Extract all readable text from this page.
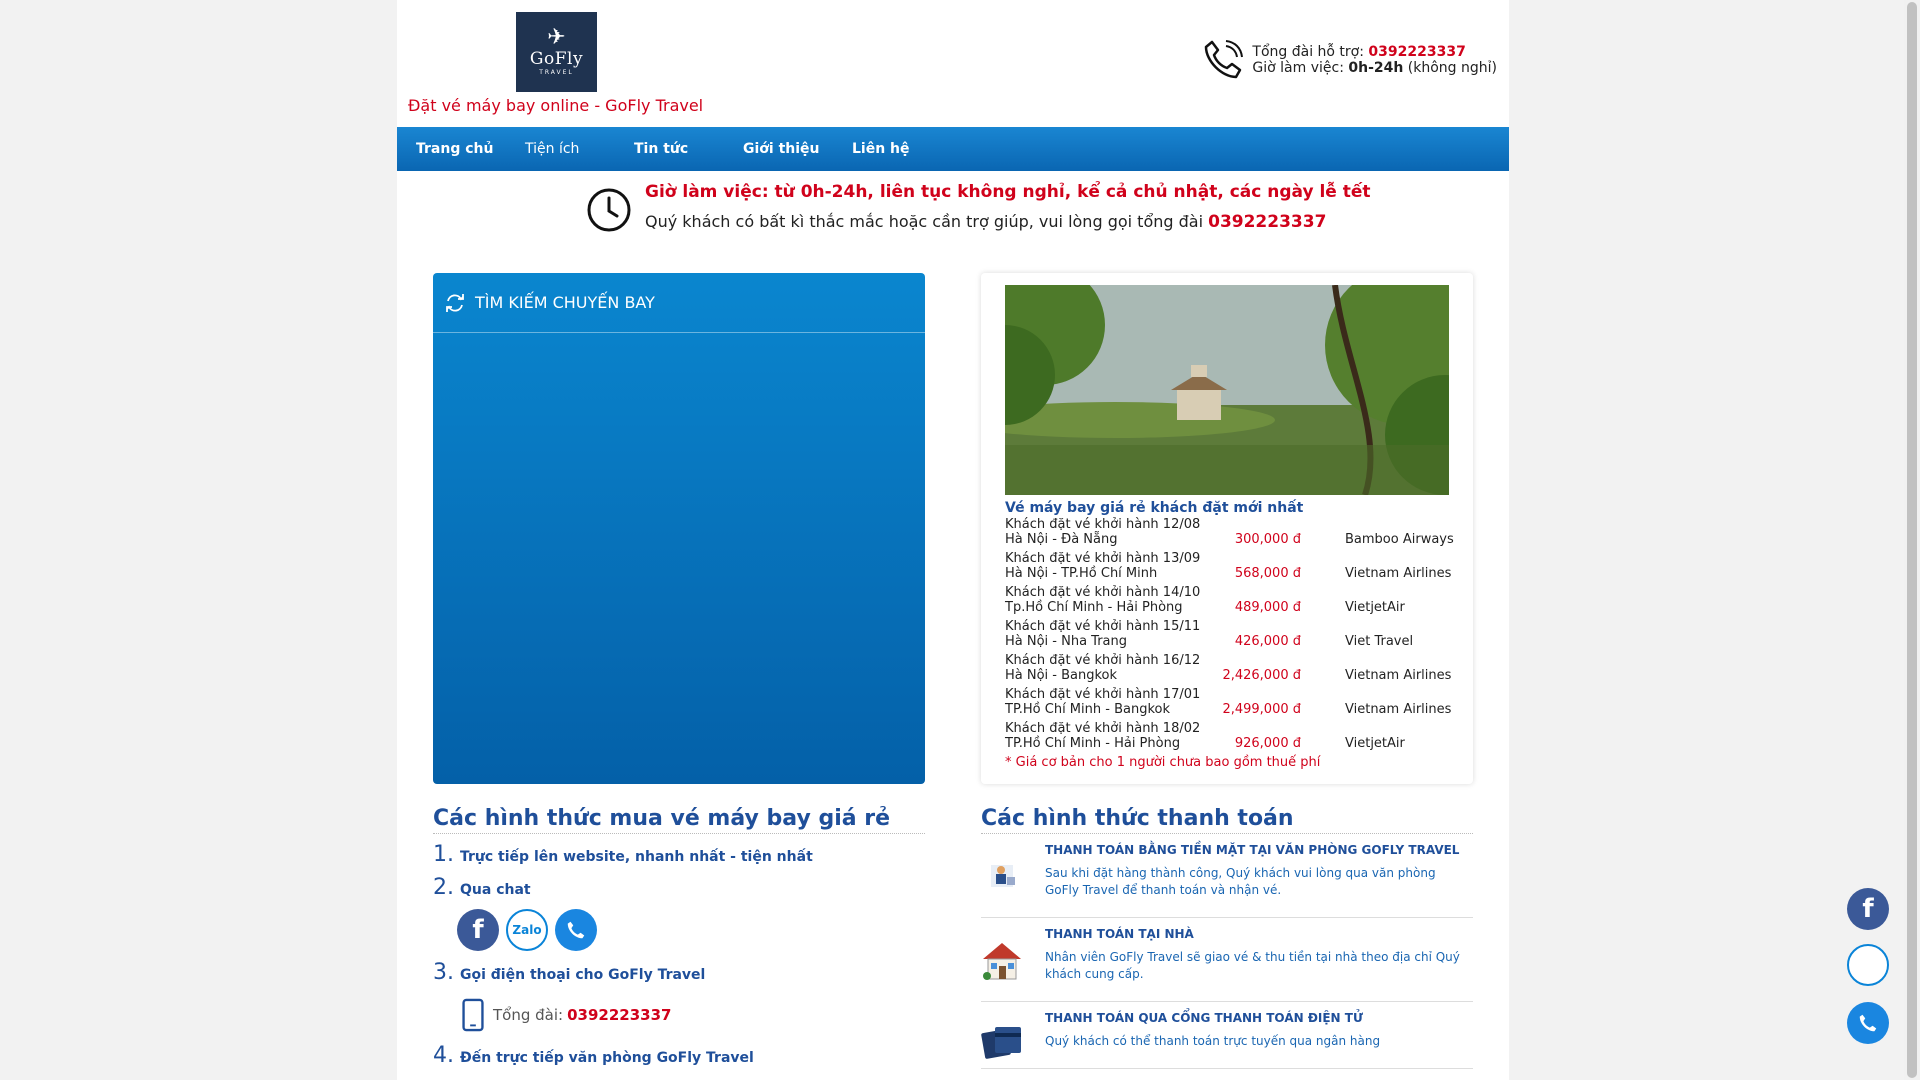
✈
GoFly
TRAVEL
Đặt vé máy bay online - GoFly Travel
Tổng đài hỗ trợ: 0392223337
Giờ làm việc: 0h-24h (không nghỉ)
Trang chủ Tiện ích	Tin tức	Giới thiệu Liên hệ
Giờ làm việc: từ 0h-24h, liên tục không nghỉ, kể cả chủ nhật, các ngày lễ tết
Quý khách có bất kì thắc mắc hoặc cần trợ giúp, vui lòng gọi tổng đài 0392223337
TÌM KIẾM CHUYẾN BAY
Vé máy bay giá rẻ khách đặt mới nhất
Khách đặt vé khởi hành 12/08
Hà Nội - Đà Nẵng	300,000 đ	Bamboo Airways
Khách đặt vé khởi hành 13/09
Hà Nội - TP.Hồ Chí Minh	568,000 đ	Vietnam Airlines
Khách đặt vé khởi hành 14/10
Tp.Hồ Chí Minh - Hải Phòng	489,000 đ	VietjetAir
Khách đặt vé khởi hành 15/11
Hà Nội - Nha Trang	426,000 đ	Viet Travel
Khách đặt vé khởi hành 16/12
Hà Nội - Bangkok	2,426,000 đ	Vietnam Airlines
Khách đặt vé khởi hành 17/01
TP.Hồ Chí Minh - Bangkok	2,499,000 đ	Vietnam Airlines
Khách đặt vé khởi hành 18/02
TP.Hồ Chí Minh - Hải Phòng	926,000 đ	VietjetAir
* Giá cơ bản cho 1 người chưa bao gồm thuế phí
Các hình thức mua vé máy bay giá rẻ
1. Trực tiếp lên website, nhanh nhất - tiện nhất
2. Qua chat
f	Zalo
3. Gọi điện thoại cho GoFly Travel
Tổng đài: 0392223337
4. Đến trực tiếp văn phòng GoFly Travel
Các hình thức thanh toán
THANH TOÁN BẰNG TIỀN MẶT TẠI VĂN PHÒNG GOFLY TRAVEL
Sau khi đặt hàng thành công, Quý khách vui lòng qua văn phòng GoFly Travel để thanh toán và nhận vé.
THANH TOÁN TẠI NHÀ
Nhân viên GoFly Travel sẽ giao vé & thu tiền tại nhà theo địa chỉ Quý khách cung cấp.
THANH TOÁN QUA CỔNG THANH TOÁN ĐIỆN TỬ
Quý khách có thể thanh toán trực tuyến qua ngân hàng
f
Zalo
